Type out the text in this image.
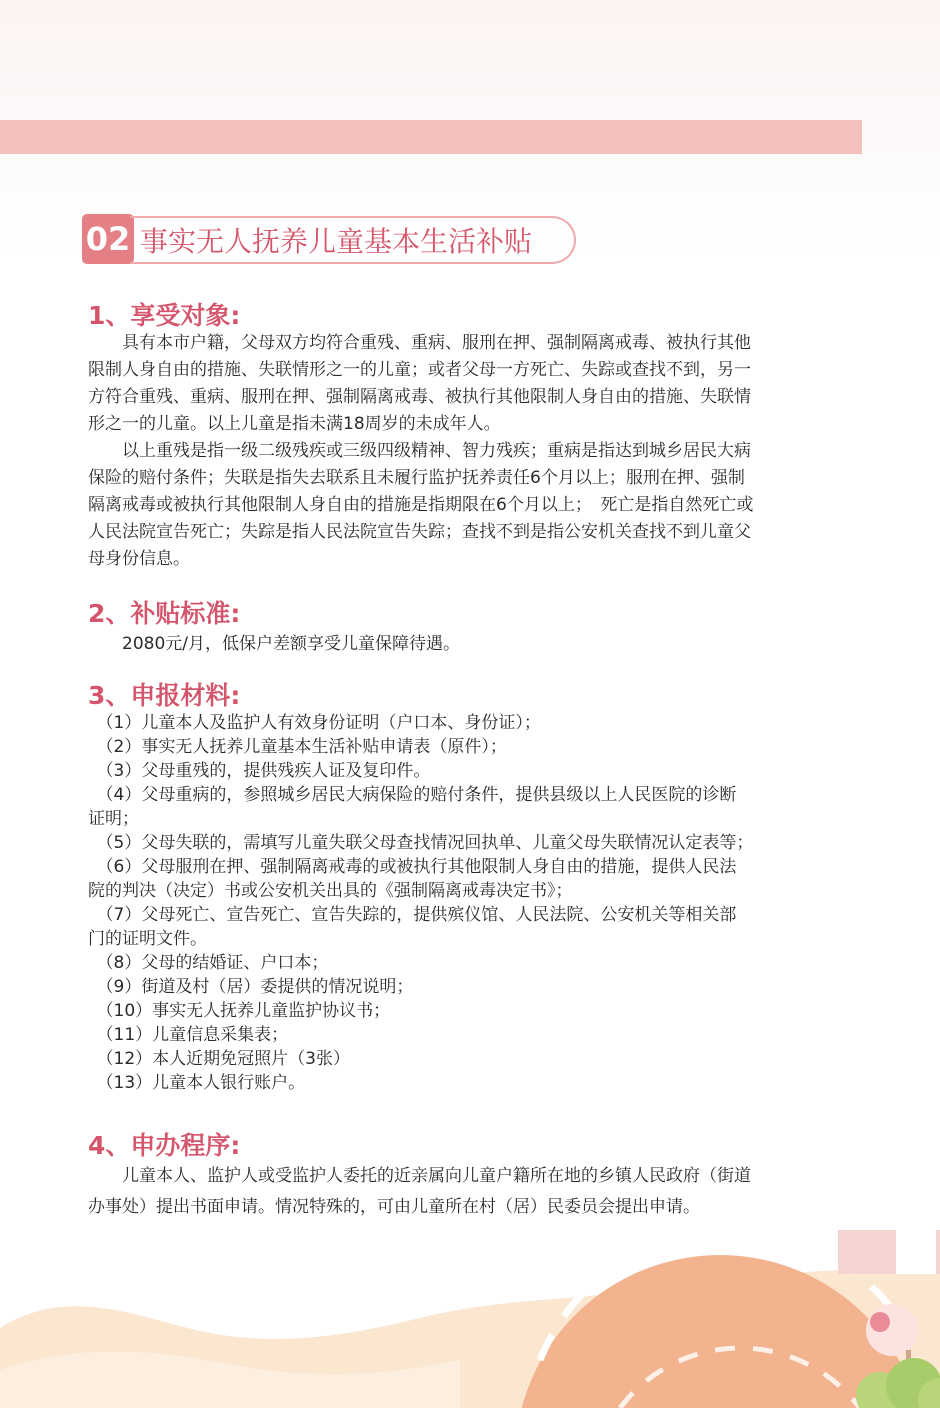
02 事实无人抚养儿童基本生活补贴
1、享受对象:
　　具有本市户籍，父母双方均符合重残、重病、服刑在押、强制隔离戒毒、被执行其他
限制人身自由的措施、失联情形之一的儿童；或者父母一方死亡、失踪或查找不到，另一
方符合重残、重病、服刑在押、强制隔离戒毒、被执行其他限制人身自由的措施、失联情
形之一的儿童。以上儿童是指未满18周岁的未成年人。
　　以上重残是指一级二级残疾或三级四级精神、智力残疾；重病是指达到城乡居民大病
保险的赔付条件；失联是指失去联系且未履行监护抚养责任6个月以上；服刑在押、强制
隔离戒毒或被执行其他限制人身自由的措施是指期限在6个月以上；　死亡是指自然死亡或
人民法院宣告死亡；失踪是指人民法院宣告失踪；查找不到是指公安机关查找不到儿童父
母身份信息。
2、补贴标准:
　　2080元/月，低保户差额享受儿童保障待遇。
3、申报材料:
　（1）儿童本人及监护人有效身份证明（户口本、身份证）；
　（2）事实无人抚养儿童基本生活补贴申请表（原件）；
　（3）父母重残的，提供残疾人证及复印件。
　（4）父母重病的，参照城乡居民大病保险的赔付条件，提供县级以上人民医院的诊断
证明；
　（5）父母失联的，需填写儿童失联父母查找情况回执单、儿童父母失联情况认定表等；
　（6）父母服刑在押、强制隔离戒毒的或被执行其他限制人身自由的措施，提供人民法
院的判决（决定）书或公安机关出具的《强制隔离戒毒决定书》；
　（7）父母死亡、宣告死亡、宣告失踪的，提供殡仪馆、人民法院、公安机关等相关部
门的证明文件。
　（8）父母的结婚证、户口本；
　（9）街道及村（居）委提供的情况说明；
　（10）事实无人抚养儿童监护协议书；
　（11）儿童信息采集表；
　（12）本人近期免冠照片（3张）
　（13）儿童本人银行账户。
4、申办程序:
　　儿童本人、监护人或受监护人委托的近亲属向儿童户籍所在地的乡镇人民政府（街道
办事处）提出书面申请。情况特殊的，可由儿童所在村（居）民委员会提出申请。
